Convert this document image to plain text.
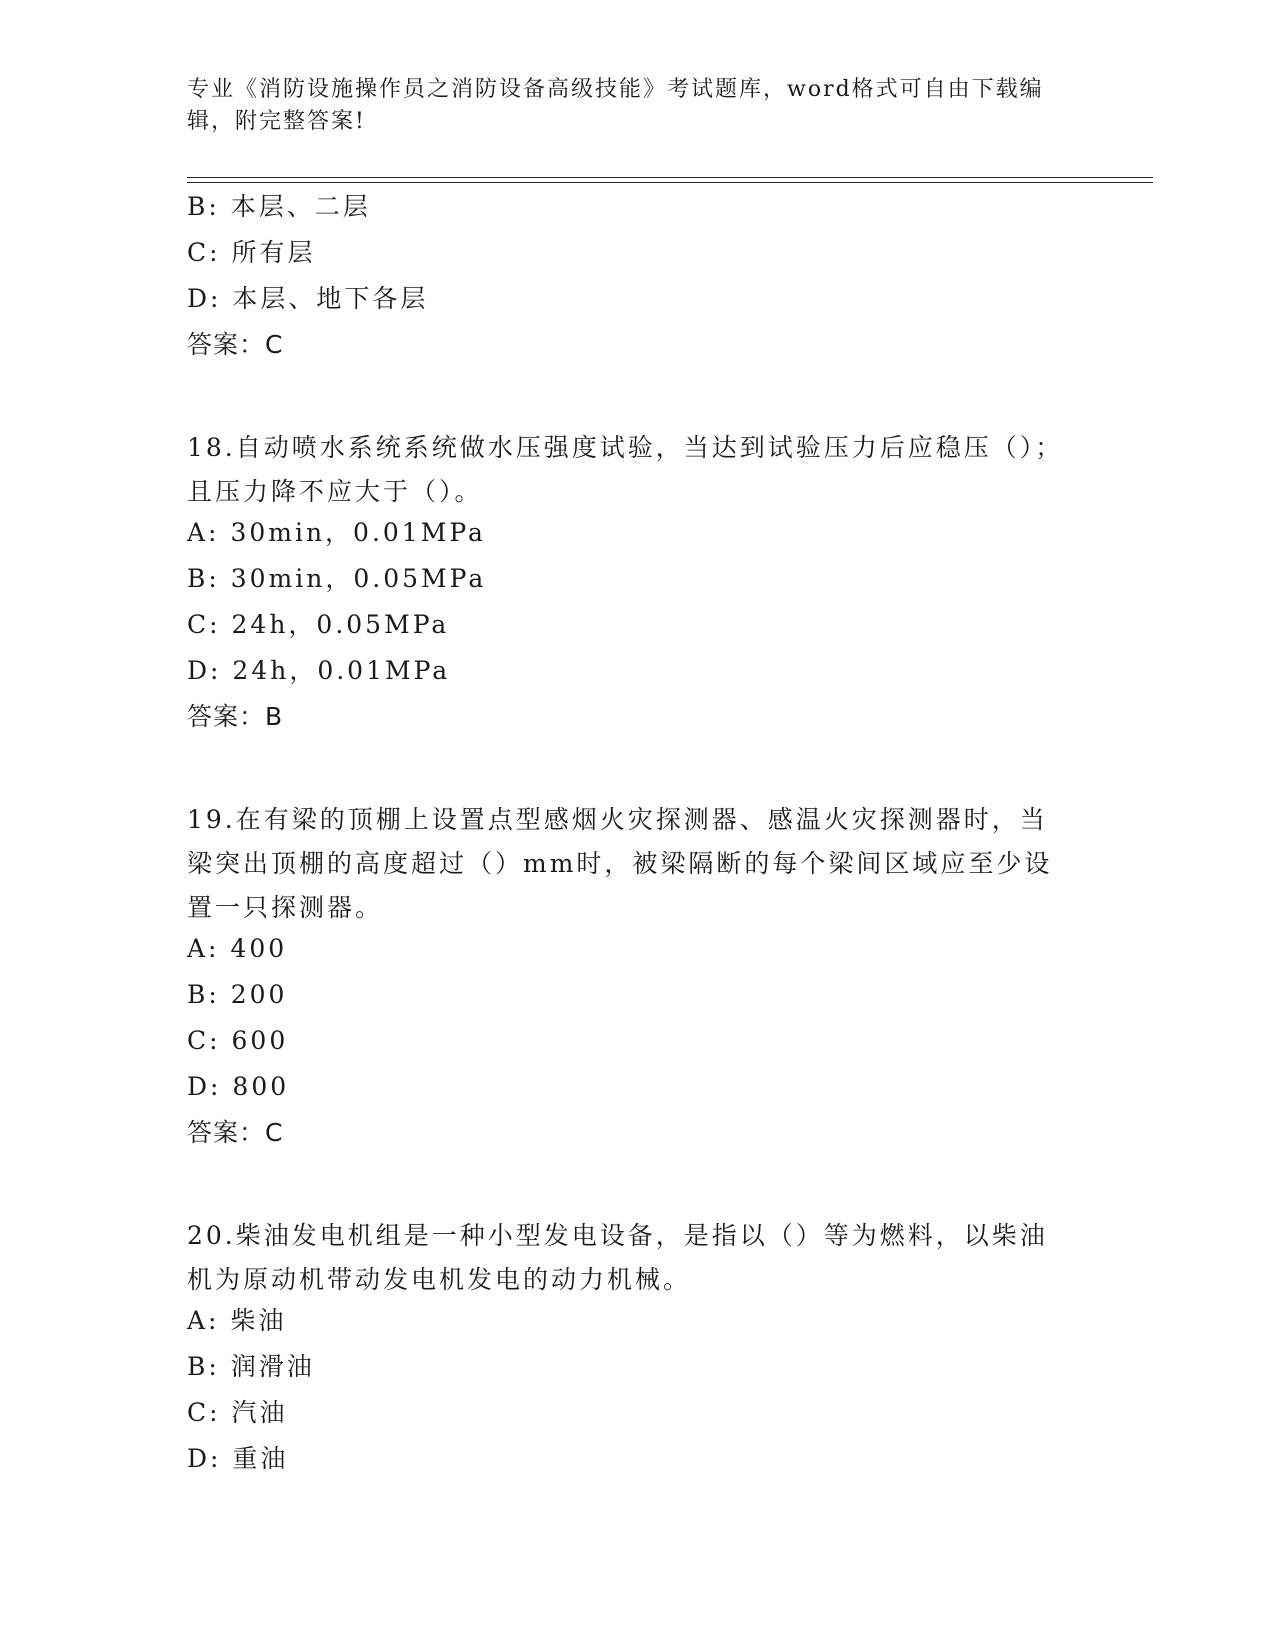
专业《消防设施操作员之消防设备高级技能》考试题库，word格式可自由下载编辑，附完整答案!
B: 本层、二层
C: 所有层
D: 本层、地下各层
答案：C
18.自动喷水系统系统做水压强度试验，当达到试验压力后应稳压（）；且压力降不应大于（）。
A: 30min，0.01MPa
B: 30min，0.05MPa
C: 24h，0.05MPa
D: 24h，0.01MPa
答案：B
19.在有梁的顶棚上设置点型感烟火灾探测器、感温火灾探测器时，当梁突出顶棚的高度超过（）mm时，被梁隔断的每个梁间区域应至少设置一只探测器。
A: 400
B: 200
C: 600
D: 800
答案：C
20.柴油发电机组是一种小型发电设备，是指以（）等为燃料，以柴油机为原动机带动发电机发电的动力机械。
A: 柴油
B: 润滑油
C: 汽油
D: 重油
